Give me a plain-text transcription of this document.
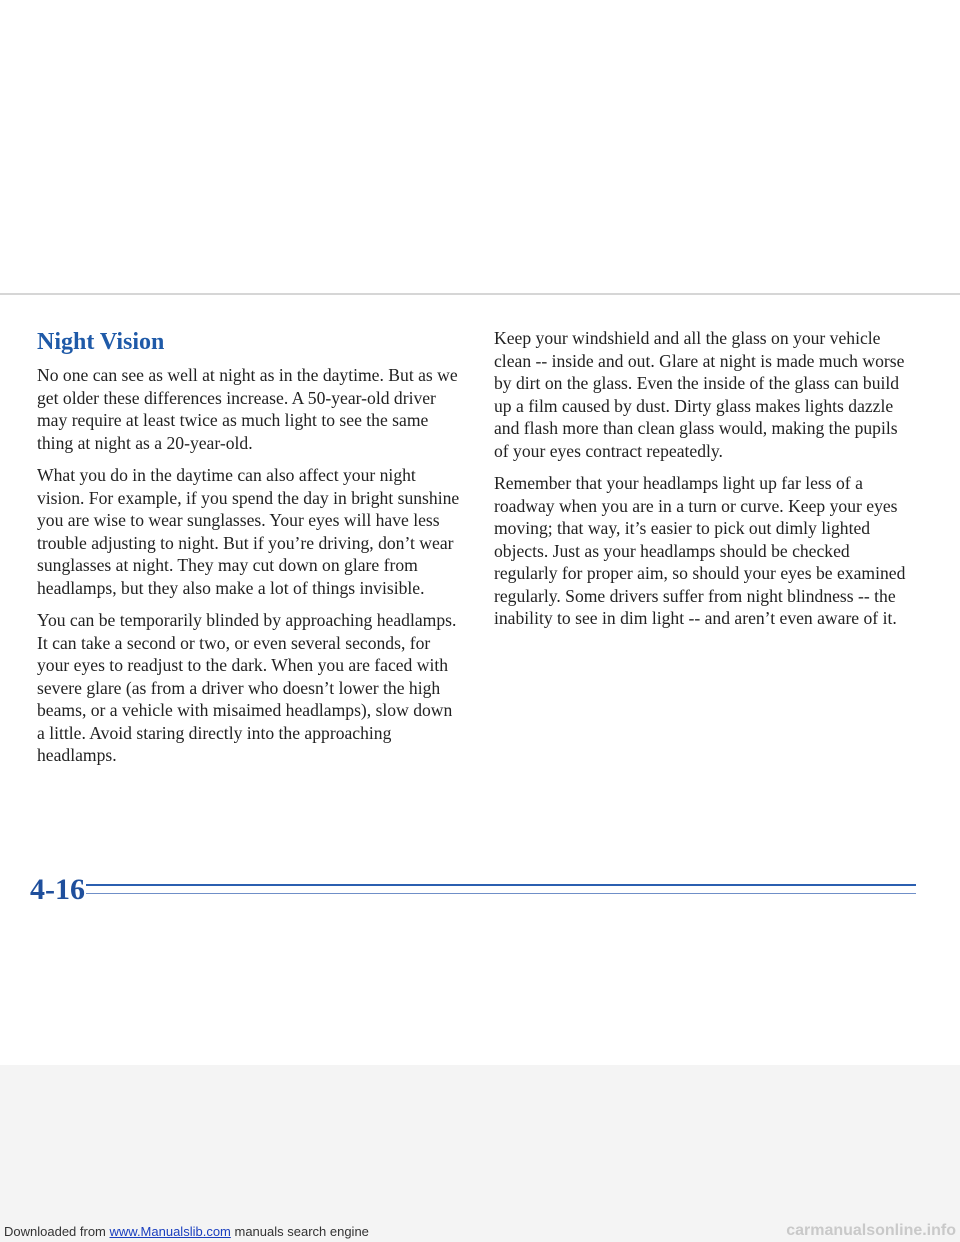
Night Vision

No one can see as well at night as in the daytime. But as we get older these differences increase. A 50-year-old driver may require at least twice as much light to see the same thing at night as a 20-year-old.

What you do in the daytime can also affect your night vision. For example, if you spend the day in bright sunshine you are wise to wear sunglasses. Your eyes will have less trouble adjusting to night. But if you’re driving, don’t wear sunglasses at night. They may cut down on glare from headlamps, but they also make a lot of things invisible.

You can be temporarily blinded by approaching headlamps. It can take a second or two, or even several seconds, for your eyes to readjust to the dark. When you are faced with severe glare (as from a driver who doesn’t lower the high beams, or a vehicle with misaimed headlamps), slow down a little. Avoid staring directly into the approaching headlamps.

Keep your windshield and all the glass on your vehicle clean -- inside and out. Glare at night is made much worse by dirt on the glass. Even the inside of the glass can build up a film caused by dust. Dirty glass makes lights dazzle and flash more than clean glass would, making the pupils of your eyes contract repeatedly.

Remember that your headlamps light up far less of a roadway when you are in a turn or curve. Keep your eyes moving; that way, it’s easier to pick out dimly lighted objects. Just as your headlamps should be checked regularly for proper aim, so should your eyes be examined regularly. Some drivers suffer from night blindness -- the inability to see in dim light -- and aren’t even aware of it.

4-16
Downloaded from www.Manualslib.com manuals search engine	carmanualsonline.info
